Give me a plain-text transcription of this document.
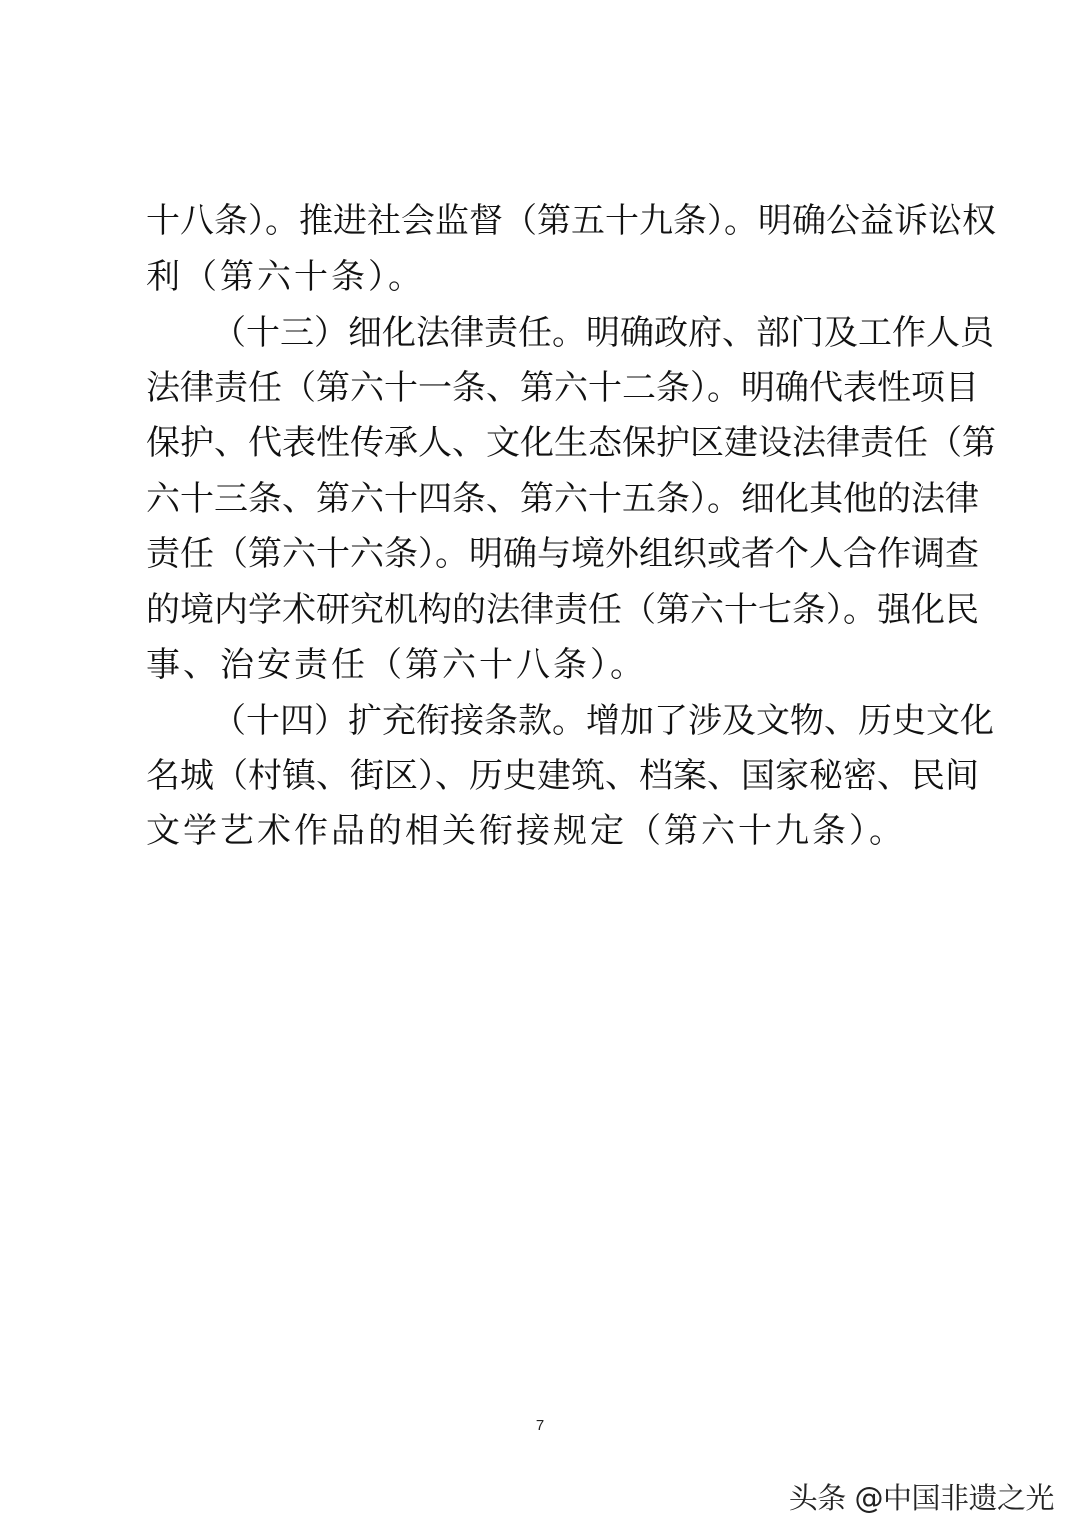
十八条）。推进社会监督（第五十九条）。明确公益诉讼权
利（第六十条）。
（十三）细化法律责任。明确政府、部门及工作人员
法律责任（第六十一条、第六十二条）。明确代表性项目
保护、代表性传承人、文化生态保护区建设法律责任（第
六十三条、第六十四条、第六十五条）。细化其他的法律
责任（第六十六条）。明确与境外组织或者个人合作调查
的境内学术研究机构的法律责任（第六十七条）。强化民
事、治安责任（第六十八条）。
（十四）扩充衔接条款。增加了涉及文物、历史文化
名城（村镇、街区）、历史建筑、档案、国家秘密、民间
文学艺术作品的相关衔接规定（第六十九条）。
7
头条 @中国非遗之光
